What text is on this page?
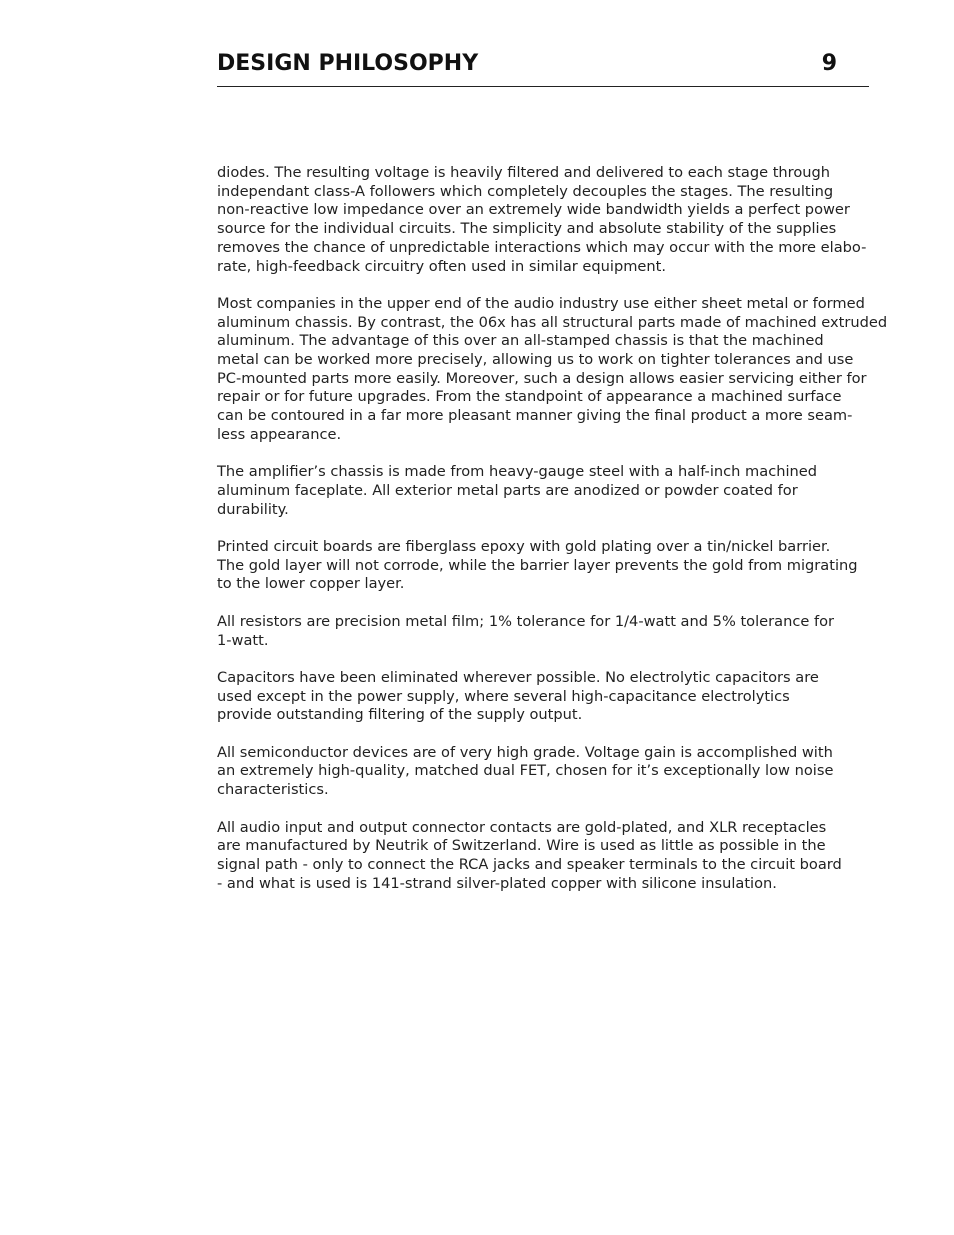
DESIGN PHILOSOPHY	9

diodes. The resulting voltage is heavily filtered and delivered to each stage through
independant class-A followers which completely decouples the stages. The resulting
non-reactive low impedance over an extremely wide bandwidth yields a perfect power
source for the individual circuits. The simplicity and absolute stability of the supplies
removes the chance of unpredictable interactions which may occur with the more elabo-
rate, high-feedback circuitry often used in similar equipment.

Most companies in the upper end of the audio industry use either sheet metal or formed
aluminum chassis. By contrast, the 06x has all structural parts made of machined extruded
aluminum. The advantage of this over an all-stamped chassis is that the machined
metal can be worked more precisely, allowing us to work on tighter tolerances and use
PC-mounted parts more easily. Moreover, such a design allows easier servicing either for
repair or for future upgrades. From the standpoint of appearance a machined surface
can be contoured in a far more pleasant manner giving the final product a more seam-
less appearance.

The amplifier’s chassis is made from heavy-gauge steel with a half-inch machined
aluminum faceplate. All exterior metal parts are anodized or powder coated for
durability.

Printed circuit boards are fiberglass epoxy with gold plating over a tin/nickel barrier.
The gold layer will not corrode, while the barrier layer prevents the gold from migrating
to the lower copper layer.

All resistors are precision metal film; 1% tolerance for 1/4-watt and 5% tolerance for
1-watt.

Capacitors have been eliminated wherever possible. No electrolytic capacitors are
used except in the power supply, where several high-capacitance electrolytics
provide outstanding filtering of the supply output.

All semiconductor devices are of very high grade. Voltage gain is accomplished with
an extremely high-quality, matched dual FET, chosen for it’s exceptionally low noise
characteristics.

All audio input and output connector contacts are gold-plated, and XLR receptacles
are manufactured by Neutrik of Switzerland. Wire is used as little as possible in the
signal path - only to connect the RCA jacks and speaker terminals to the circuit board
- and what is used is 141-strand silver-plated copper with silicone insulation.
